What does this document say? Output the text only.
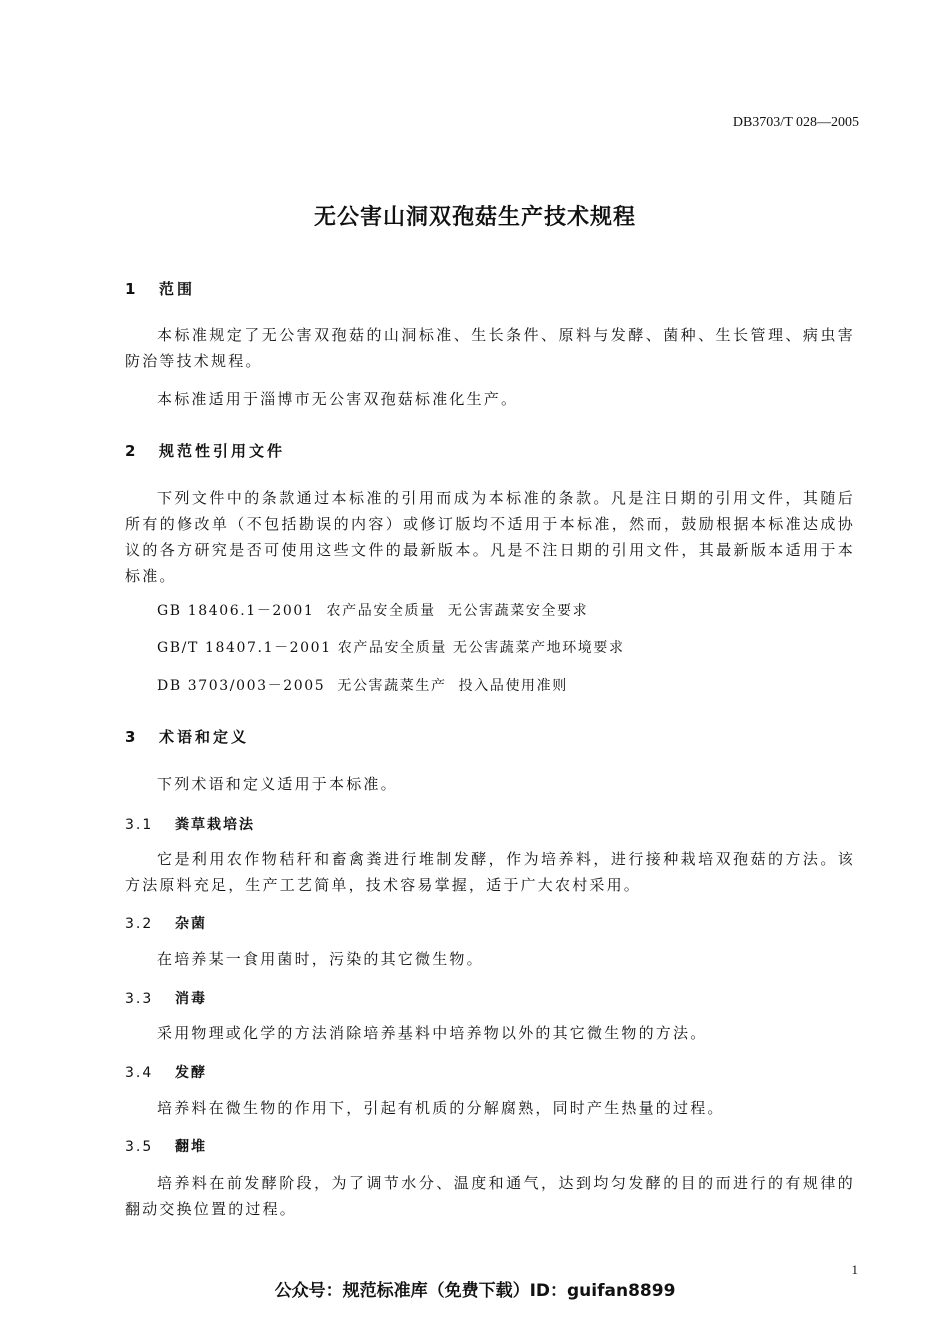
DB3703/T 028—2005
无公害山洞双孢菇生产技术规程
1 范围
本标准规定了无公害双孢菇的山洞标准、生长条件、原料与发酵、菌种、生长管理、病虫害防治等技术规程。
本标准适用于淄博市无公害双孢菇标准化生产。
2 规范性引用文件
下列文件中的条款通过本标准的引用而成为本标准的条款。凡是注日期的引用文件，其随后所有的修改单（不包括勘误的内容）或修订版均不适用于本标准，然而，鼓励根据本标准达成协议的各方研究是否可使用这些文件的最新版本。凡是不注日期的引用文件，其最新版本适用于本标准。
GB 18406.1－2001  农产品安全质量  无公害蔬菜安全要求
GB/T 18407.1－2001 农产品安全质量 无公害蔬菜产地环境要求
DB 3703/003－2005  无公害蔬菜生产  投入品使用准则
3 术语和定义
下列术语和定义适用于本标准。
3.1 粪草栽培法
它是利用农作物秸秆和畜禽粪进行堆制发酵，作为培养料，进行接种栽培双孢菇的方法。该方法原料充足，生产工艺简单，技术容易掌握，适于广大农村采用。
3.2 杂菌
在培养某一食用菌时，污染的其它微生物。
3.3 消毒
采用物理或化学的方法消除培养基料中培养物以外的其它微生物的方法。
3.4 发酵
培养料在微生物的作用下，引起有机质的分解腐熟，同时产生热量的过程。
3.5 翻堆
培养料在前发酵阶段，为了调节水分、温度和通气，达到均匀发酵的目的而进行的有规律的翻动交换位置的过程。
1
公众号：规范标准库（免费下载）ID：guifan8899
